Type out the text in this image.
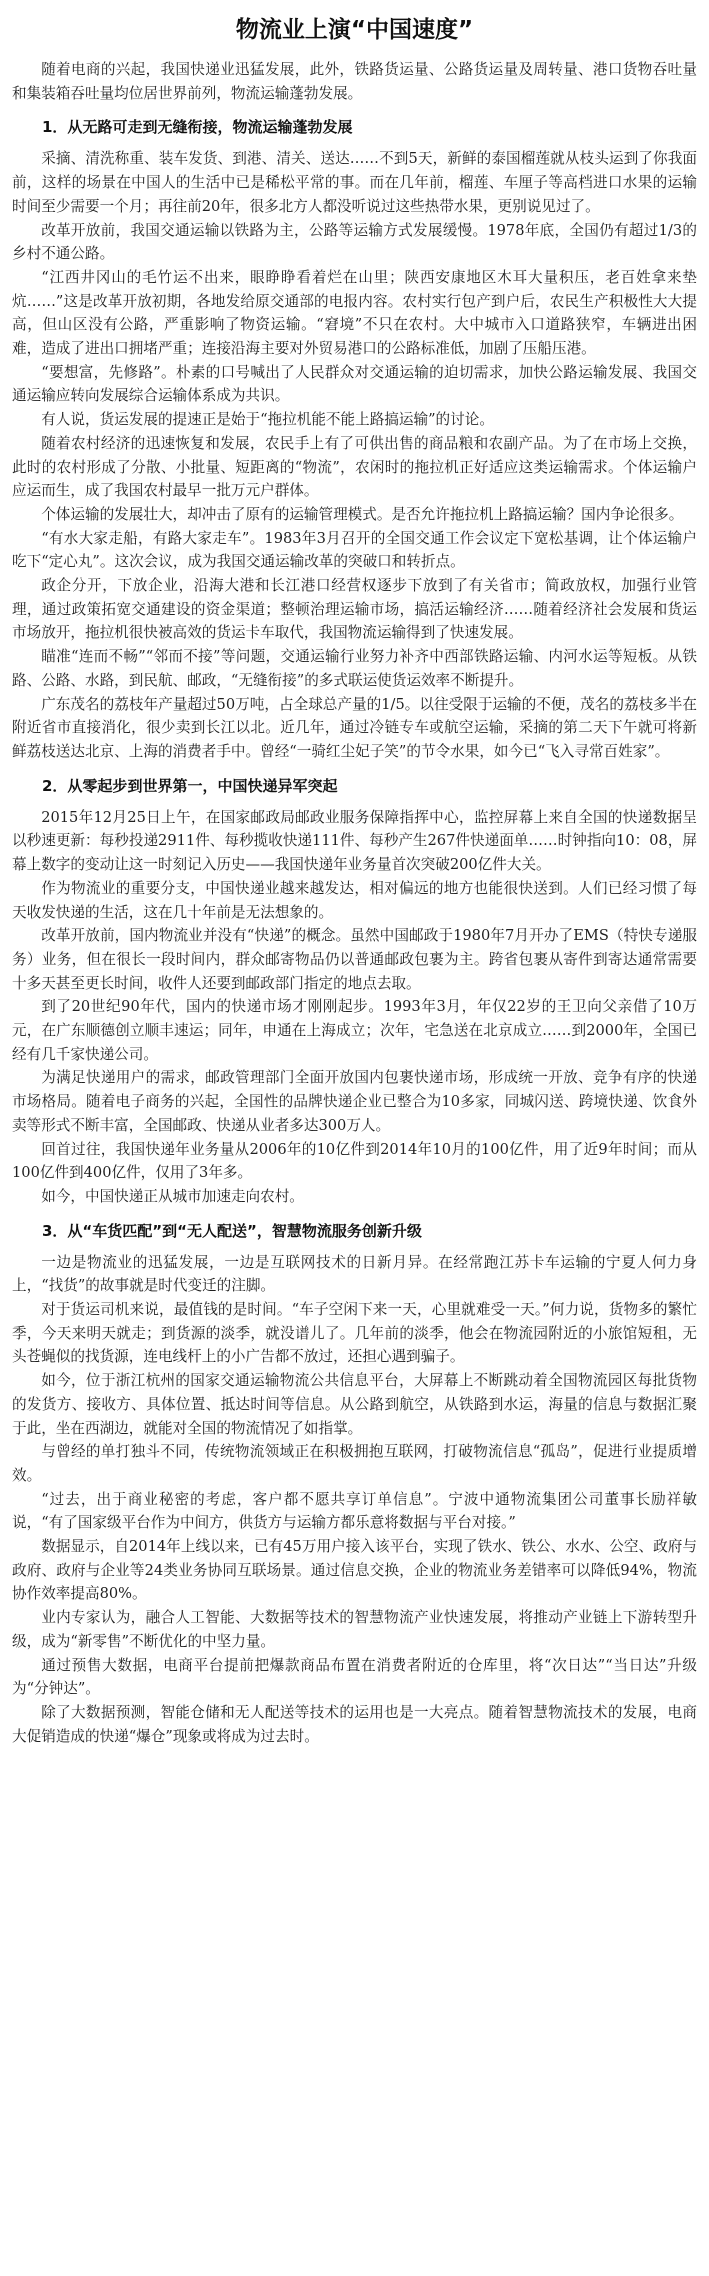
物流业上演“中国速度”

随着电商的兴起，我国快递业迅猛发展，此外，铁路货运量、公路货运量及周转量、港口货物吞吐量和集装箱吞吐量均位居世界前列，物流运输蓬勃发展。

1．从无路可走到无缝衔接，物流运输蓬勃发展

采摘、清洗称重、装车发货、到港、清关、送达……不到5天，新鲜的泰国榴莲就从枝头运到了你我面前，这样的场景在中国人的生活中已是稀松平常的事。而在几年前，榴莲、车厘子等高档进口水果的运输时间至少需要一个月；再往前20年，很多北方人都没听说过这些热带水果，更别说见过了。

改革开放前，我国交通运输以铁路为主，公路等运输方式发展缓慢。1978年底，全国仍有超过1/3的乡村不通公路。

“江西井冈山的毛竹运不出来，眼睁睁看着烂在山里；陕西安康地区木耳大量积压，老百姓拿来垫炕……”这是改革开放初期，各地发给原交通部的电报内容。农村实行包产到户后，农民生产积极性大大提高，但山区没有公路，严重影响了物资运输。“窘境”不只在农村。大中城市入口道路狭窄，车辆进出困难，造成了进出口拥堵严重；连接沿海主要对外贸易港口的公路标准低，加剧了压船压港。

“要想富，先修路”。朴素的口号喊出了人民群众对交通运输的迫切需求，加快公路运输发展、我国交通运输应转向发展综合运输体系成为共识。

有人说，货运发展的提速正是始于“拖拉机能不能上路搞运输”的讨论。

随着农村经济的迅速恢复和发展，农民手上有了可供出售的商品粮和农副产品。为了在市场上交换，此时的农村形成了分散、小批量、短距离的“物流”，农闲时的拖拉机正好适应这类运输需求。个体运输户应运而生，成了我国农村最早一批万元户群体。

个体运输的发展壮大，却冲击了原有的运输管理模式。是否允许拖拉机上路搞运输？国内争论很多。

“有水大家走船，有路大家走车”。1983年3月召开的全国交通工作会议定下宽松基调，让个体运输户吃下“定心丸”。这次会议，成为我国交通运输改革的突破口和转折点。

政企分开，下放企业，沿海大港和长江港口经营权逐步下放到了有关省市；简政放权，加强行业管理，通过政策拓宽交通建设的资金渠道；整顿治理运输市场，搞活运输经济……随着经济社会发展和货运市场放开，拖拉机很快被高效的货运卡车取代，我国物流运输得到了快速发展。

瞄准“连而不畅”“邻而不接”等问题，交通运输行业努力补齐中西部铁路运输、内河水运等短板。从铁路、公路、水路，到民航、邮政，“无缝衔接”的多式联运使货运效率不断提升。

广东茂名的荔枝年产量超过50万吨，占全球总产量的1/5。以往受限于运输的不便，茂名的荔枝多半在附近省市直接消化，很少卖到长江以北。近几年，通过冷链专车或航空运输，采摘的第二天下午就可将新鲜荔枝送达北京、上海的消费者手中。曾经“一骑红尘妃子笑”的节令水果，如今已“飞入寻常百姓家”。

2．从零起步到世界第一，中国快递异军突起

2015年12月25日上午，在国家邮政局邮政业服务保障指挥中心，监控屏幕上来自全国的快递数据呈以秒速更新：每秒投递2911件、每秒揽收快递111件、每秒产生267件快递面单……时钟指向10：08，屏幕上数字的变动让这一时刻记入历史——我国快递年业务量首次突破200亿件大关。

作为物流业的重要分支，中国快递业越来越发达，相对偏远的地方也能很快送到。人们已经习惯了每天收发快递的生活，这在几十年前是无法想象的。

改革开放前，国内物流业并没有“快递”的概念。虽然中国邮政于1980年7月开办了EMS（特快专递服务）业务，但在很长一段时间内，群众邮寄物品仍以普通邮政包裹为主。跨省包裹从寄件到寄达通常需要十多天甚至更长时间，收件人还要到邮政部门指定的地点去取。

到了20世纪90年代，国内的快递市场才刚刚起步。1993年3月，年仅22岁的王卫向父亲借了10万元，在广东顺德创立顺丰速运；同年，申通在上海成立；次年，宅急送在北京成立……到2000年，全国已经有几千家快递公司。

为满足快递用户的需求，邮政管理部门全面开放国内包裹快递市场，形成统一开放、竞争有序的快递市场格局。随着电子商务的兴起，全国性的品牌快递企业已整合为10多家，同城闪送、跨境快递、饮食外卖等形式不断丰富，全国邮政、快递从业者多达300万人。

回首过往，我国快递年业务量从2006年的10亿件到2014年10月的100亿件，用了近9年时间；而从100亿件到400亿件，仅用了3年多。

如今，中国快递正从城市加速走向农村。

3．从“车货匹配”到“无人配送”，智慧物流服务创新升级

一边是物流业的迅猛发展，一边是互联网技术的日新月异。在经常跑江苏卡车运输的宁夏人何力身上，“找货”的故事就是时代变迁的注脚。

对于货运司机来说，最值钱的是时间。“车子空闲下来一天，心里就难受一天。”何力说，货物多的繁忙季，今天来明天就走；到货源的淡季，就没谱儿了。几年前的淡季，他会在物流园附近的小旅馆短租，无头苍蝇似的找货源，连电线杆上的小广告都不放过，还担心遇到骗子。

如今，位于浙江杭州的国家交通运输物流公共信息平台，大屏幕上不断跳动着全国物流园区每批货物的发货方、接收方、具体位置、抵达时间等信息。从公路到航空，从铁路到水运，海量的信息与数据汇聚于此，坐在西湖边，就能对全国的物流情况了如指掌。

与曾经的单打独斗不同，传统物流领域正在积极拥抱互联网，打破物流信息“孤岛”，促进行业提质增效。

“过去，出于商业秘密的考虑，客户都不愿共享订单信息”。宁波中通物流集团公司董事长励祥敏说，“有了国家级平台作为中间方，供货方与运输方都乐意将数据与平台对接。”

数据显示，自2014年上线以来，已有45万用户接入该平台，实现了铁水、铁公、水水、公空、政府与政府、政府与企业等24类业务协同互联场景。通过信息交换，企业的物流业务差错率可以降低94%，物流协作效率提高80%。

业内专家认为，融合人工智能、大数据等技术的智慧物流产业快速发展，将推动产业链上下游转型升级，成为“新零售”不断优化的中坚力量。

通过预售大数据，电商平台提前把爆款商品布置在消费者附近的仓库里，将“次日达”“当日达”升级为“分钟达”。

除了大数据预测，智能仓储和无人配送等技术的运用也是一大亮点。随着智慧物流技术的发展，电商大促销造成的快递“爆仓”现象或将成为过去时。
